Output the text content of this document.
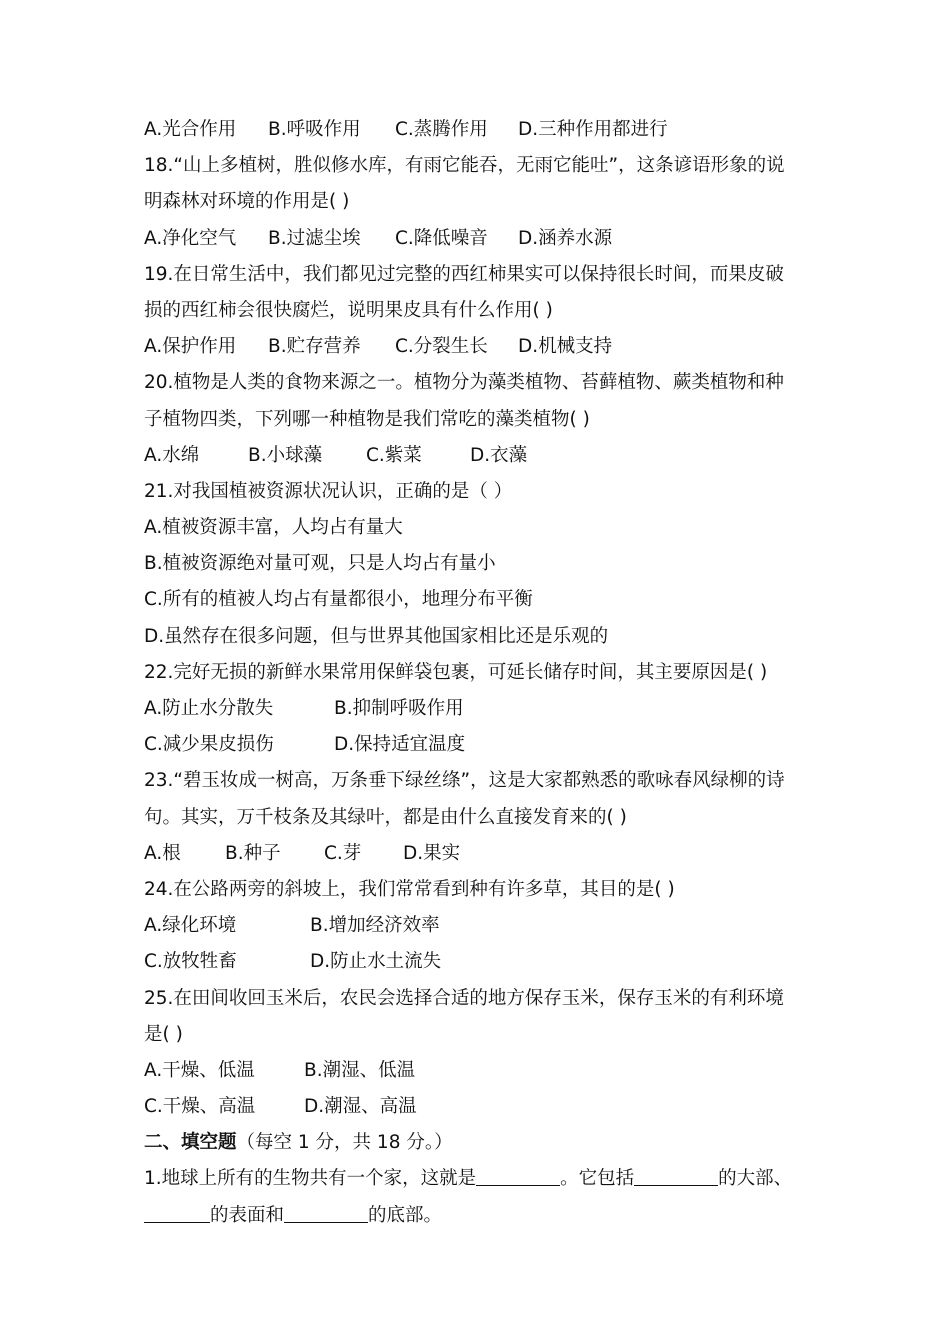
A.光合作用	B.呼吸作用	C.蒸腾作用	D.三种作用都进行
18.“山上多植树，胜似修水库，有雨它能吞，无雨它能吐”，这条谚语形象的说
明森林对环境的作用是( )
A.净化空气	B.过滤尘埃	C.降低噪音	D.涵养水源
19.在日常生活中，我们都见过完整的西红柿果实可以保持很长时间，而果皮破
损的西红柿会很快腐烂，说明果皮具有什么作用( )
A.保护作用	B.贮存营养	C.分裂生长	D.机械支持
20.植物是人类的食物来源之一。植物分为藻类植物、苔藓植物、蕨类植物和种
子植物四类，下列哪一种植物是我们常吃的藻类植物( )
A.水绵	B.小球藻	C.紫菜	D.衣藻
21.对我国植被资源状况认识，正确的是（ ）
A.植被资源丰富，人均占有量大
B.植被资源绝对量可观，只是人均占有量小
C.所有的植被人均占有量都很小，地理分布平衡
D.虽然存在很多问题，但与世界其他国家相比还是乐观的
22.完好无损的新鲜水果常用保鲜袋包裹，可延长储存时间，其主要原因是( )
A.防止水分散失	B.抑制呼吸作用
C.减少果皮损伤	D.保持适宜温度
23.“碧玉妆成一树高，万条垂下绿丝绦”，这是大家都熟悉的歌咏春风绿柳的诗
句。其实，万千枝条及其绿叶，都是由什么直接发育来的( )
A.根	B.种子	C.芽	D.果实
24.在公路两旁的斜坡上，我们常常看到种有许多草，其目的是( )
A.绿化环境	B.增加经济效率
C.放牧牲畜	D.防止水土流失
25.在田间收回玉米后，农民会选择合适的地方保存玉米，保存玉米的有利环境
是( )
A.干燥、低温	B.潮湿、低温
C.干燥、高温	D.潮湿、高温
二、填空题（每空 1 分，共 18 分。）
1.地球上所有的生物共有一个家，这就是	。它包括	的大部、
的表面和	的底部。
